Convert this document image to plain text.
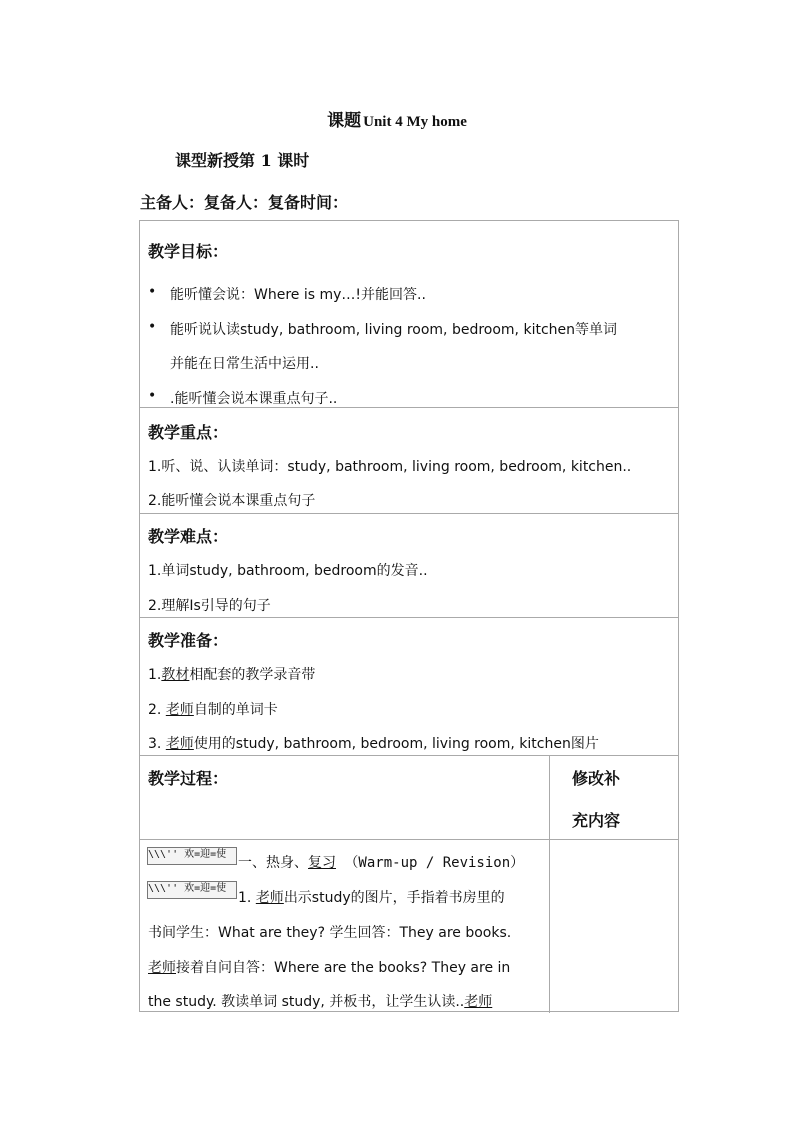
课题 Unit 4 My home
课型新授第 1 课时
主备人：复备人：复备时间：
教学目标：
• 能听懂会说：Where is my…!并能回答..
• 能听说认读study, bathroom, living room, bedroom, kitchen等单词
并能在日常生活中运用..
• .能听懂会说本课重点句子..
教学重点：
1.听、说、认读单词：study, bathroom, living room, bedroom, kitchen..
2.能听懂会说本课重点句子
教学难点：
1.单词study, bathroom, bedroom的发音..
2.理解Is引导的句子
教学准备：
1.教材相配套的教学录音带
2. 老师自制的单词卡
3. 老师使用的study, bathroom, bedroom, living room, kitchen图片
教学过程：	修改补
充内容
\\\'' 欢=迎=使
一、热身、复习 （Warm-up / Revision）
\\\'' 欢=迎=使
1. 老师出示study的图片，手指着书房里的
书间学生：What are they? 学生回答：They are books.
老师接着自问自答：Where are the books? They are in
the study. 教读单词 study, 并板书，让学生认读..老师
